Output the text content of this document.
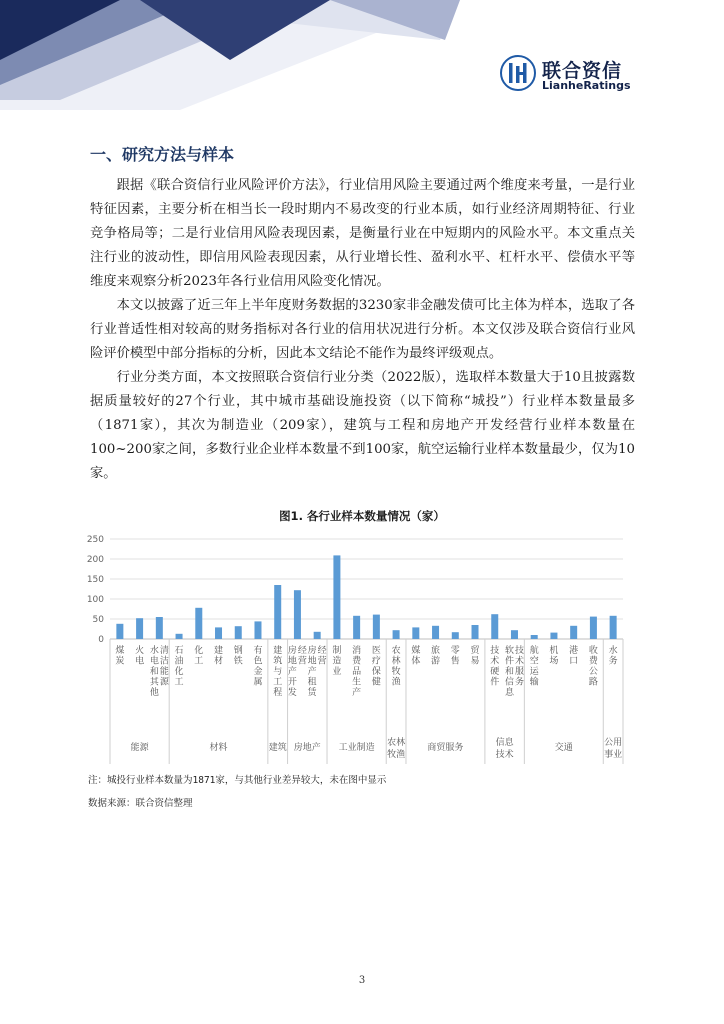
联合资信
LianheRatings
一、研究方法与样本

跟据《联合资信行业风险评价方法》，行业信用风险主要通过两个维度来考量，一是行业特征因素，主要分析在相当长一段时期内不易改变的行业本质，如行业经济周期特征、行业竞争格局等；二是行业信用风险表现因素，是衡量行业在中短期内的风险水平。本文重点关注行业的波动性，即信用风险表现因素，从行业增长性、盈利水平、杠杆水平、偿债水平等维度来观察分析2023年各行业信用风险变化情况。

本文以披露了近三年上半年度财务数据的3230家非金融发债可比主体为样本，选取了各行业普适性相对较高的财务指标对各行业的信用状况进行分析。本文仅涉及联合资信行业风险评价模型中部分指标的分析，因此本文结论不能作为最终评级观点。

行业分类方面，本文按照联合资信行业分类（2022版），选取样本数量大于10且披露数据质量较好的27个行业，其中城市基础设施投资（以下简称“城投”）行业样本数量最多（1871家），其次为制造业（209家），建筑与工程和房地产开发经营行业样本数量在100~200家之间，多数行业企业样本数量不到100家，航空运输行业样本数量最少，仅为10家。

图1. 各行业样本数量情况（家）
0
50
100
150
200
250
煤炭
火电
水电和其他
清洁能源
石油化工
化工
建材
钢铁
有色金属
建筑与工程
房地产开发
经营
房地产租赁
经营
制造业
消费品生产
医疗保健
农林牧渔
媒体
旅游
零售
贸易
技术硬件
软件和信息
技术服务
航空运输
机场
港口
收费公路
水务
能源	材料	建筑 房地产 工业制造 农林牧渔
商贸服务	信息技术
交通	公用事业
注：城投行业样本数量为1871家，与其他行业差异较大，未在图中显示
数据来源：联合资信整理
3
